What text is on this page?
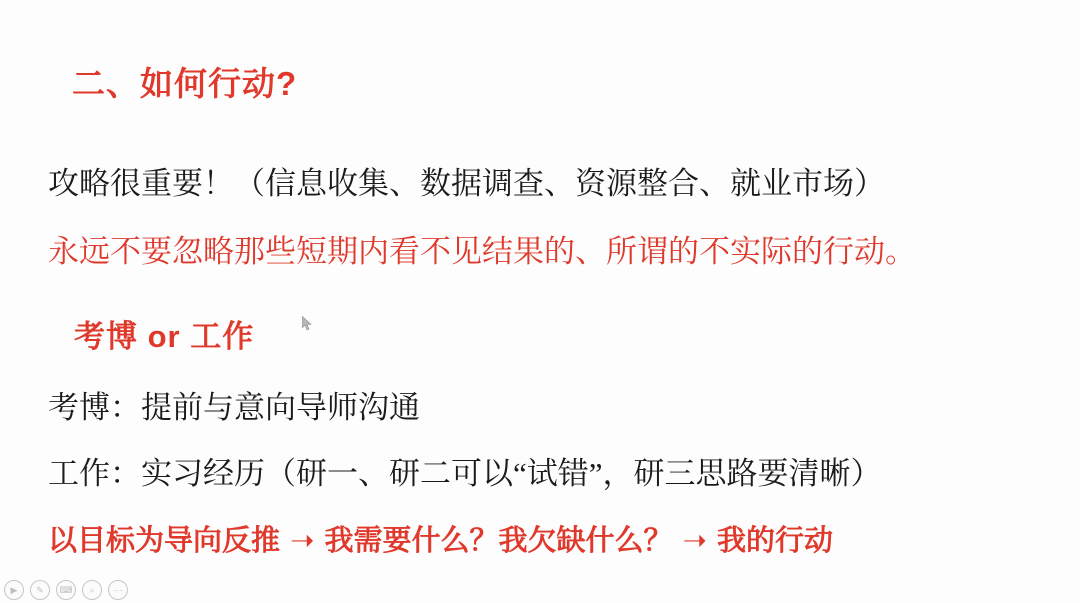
二、如何行动?
攻略很重要！（信息收集、数据调查、资源整合、就业市场）
永远不要忽略那些短期内看不见结果的、所谓的不实际的行动。
考博 or 工作
考博：提前与意向导师沟通
工作：实习经历（研一、研二可以“试错”，研三思路要清晰）
以目标为导向反推 ➝ 我需要什么？我欠缺什么？ ➝ 我的行动
▶	✎	⌨	⌕	⋯
